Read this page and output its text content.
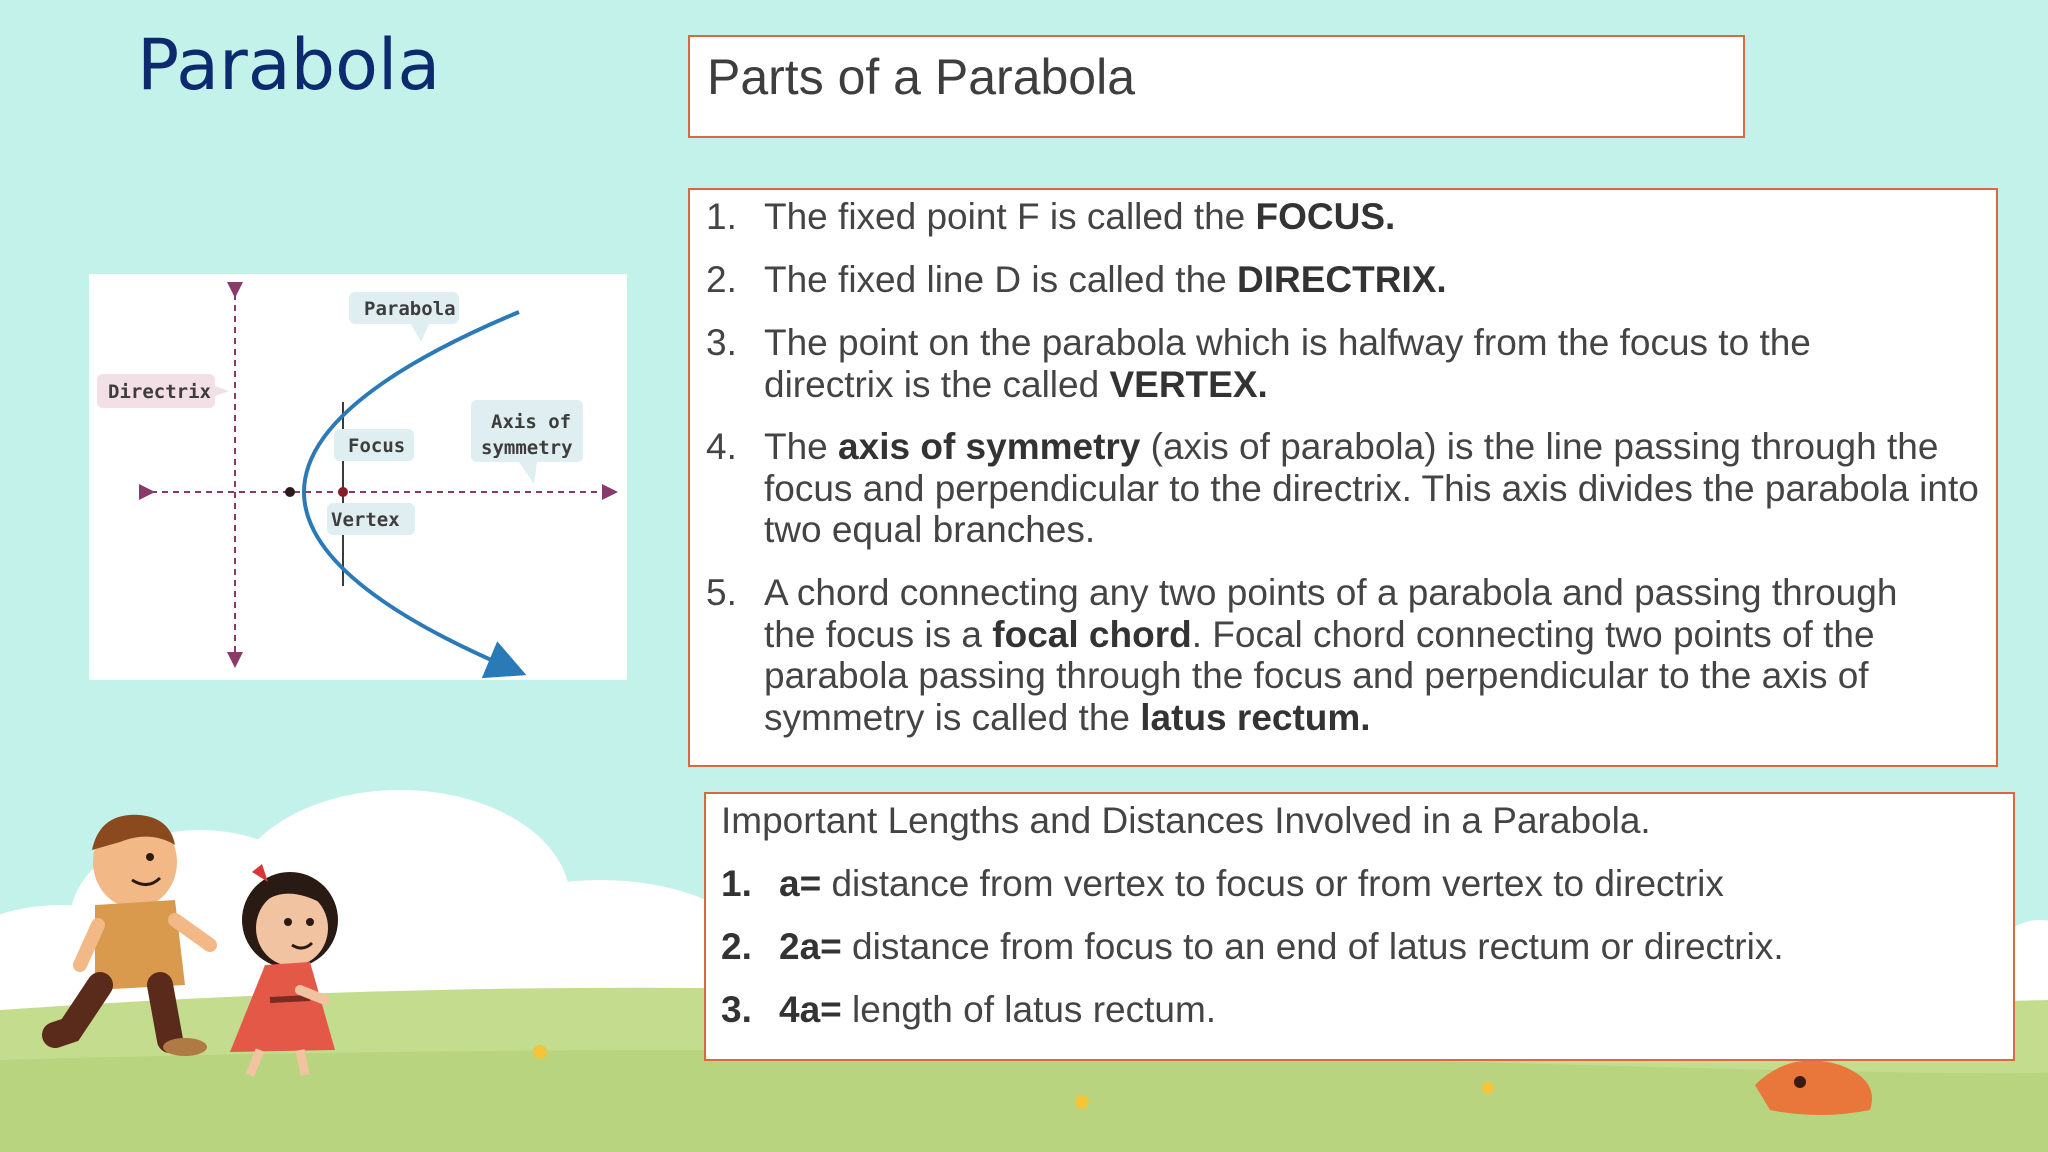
Parabola	Parts of a Parabola
Parabola
Directrix
Focus
Axis of
symmetry
Vertex
1. The fixed point F is called the FOCUS.
2. The fixed line D is called the DIRECTRIX.
3. The point on the parabola which is halfway from the focus to the directrix is the called VERTEX.
4. The axis of symmetry (axis of parabola) is the line passing through the focus and perpendicular to the directrix. This axis divides the parabola into two equal branches.
5. A chord connecting any two points of a parabola and passing through the focus is a focal chord. Focal chord connecting two points of the parabola passing through the focus and perpendicular to the axis of symmetry is called the latus rectum.
Important Lengths and Distances Involved in a Parabola.
1. a= distance from vertex to focus or from vertex to directrix
2. 2a= distance from focus to an end of latus rectum or directrix.
3. 4a= length of latus rectum.
